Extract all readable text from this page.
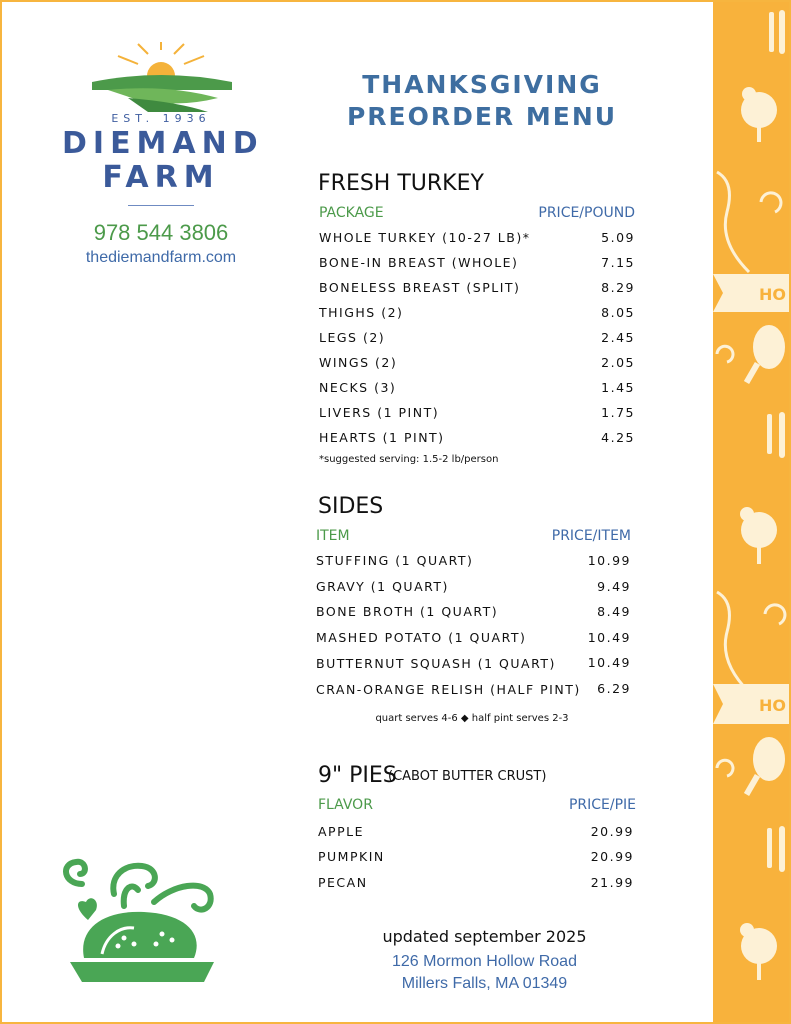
HO
HO
EST. 1936
DIEMAND
FARM
978 544 3806
thediemandfarm.com
THANKSGIVING
PREORDER MENU
FRESH TURKEY
PACKAGE	PRICE/POUND
WHOLE TURKEY (10-27 LB)*	5.09
BONE-IN BREAST (WHOLE)	7.15
BONELESS BREAST (SPLIT)	8.29
THIGHS (2)	8.05
LEGS (2)	2.45
WINGS (2)	2.05
NECKS (3)	1.45
LIVERS (1 PINT)	1.75
HEARTS (1 PINT)	4.25
*suggested serving: 1.5-2 lb/person
SIDES
ITEM	PRICE/ITEM
STUFFING (1 QUART)	10.99
GRAVY (1 QUART)	9.49
BONE BROTH (1 QUART)	8.49
MASHED POTATO (1 QUART)	10.49
BUTTERNUT SQUASH (1 QUART)	10.49
CRAN-ORANGE RELISH (HALF PINT)	6.29
quart serves 4-6 ◆ half pint serves 2-3
9" PIES
(CABOT BUTTER CRUST)
FLAVOR	PRICE/PIE
APPLE	20.99
PUMPKIN	20.99
PECAN	21.99
updated september 2025
126 Mormon Hollow Road
Millers Falls, MA 01349
